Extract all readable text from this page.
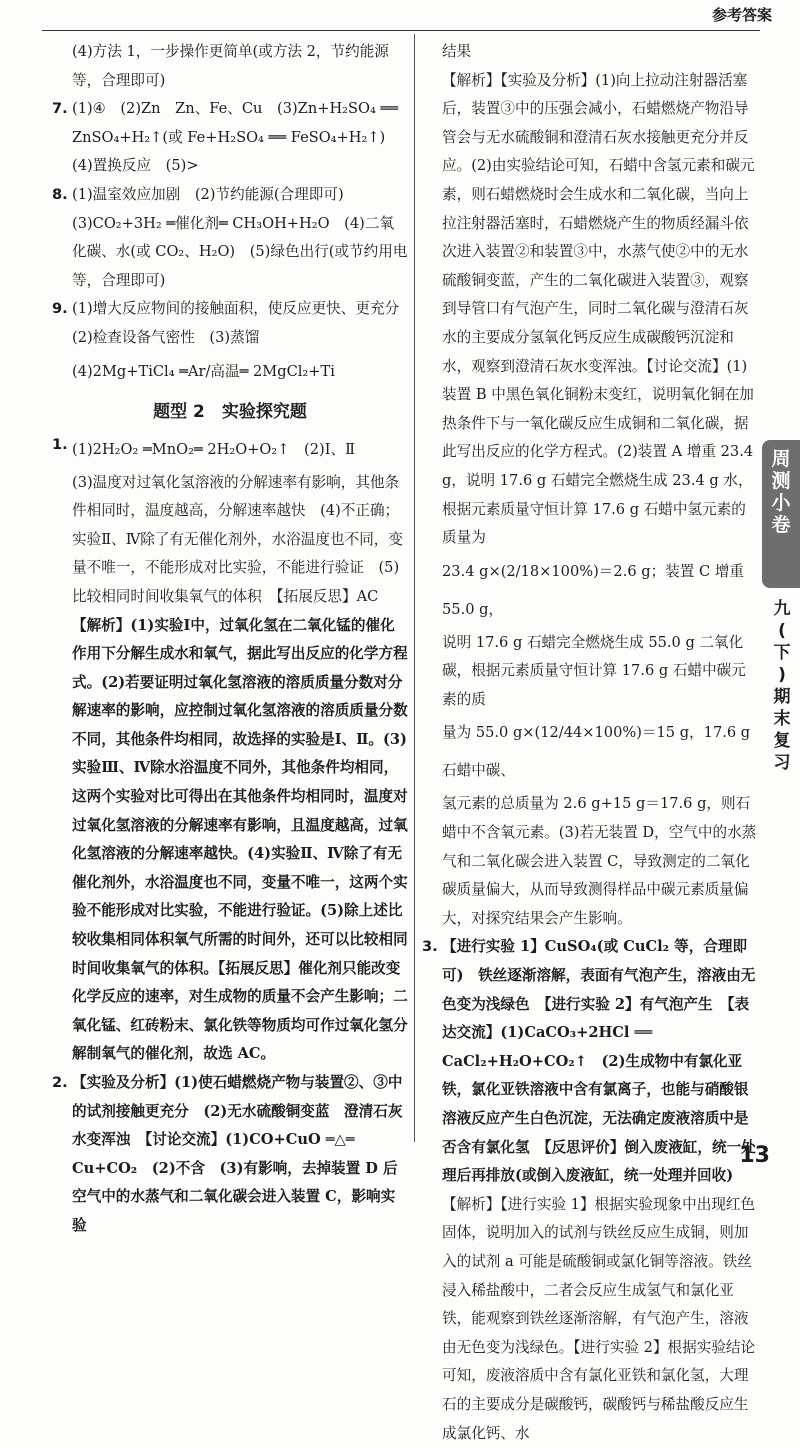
参考答案

(4)方法 1，一步操作更简单(或方法 2，节约能源等，合理即可)

7. (1)④　(2)Zn　Zn、Fe、Cu　(3)Zn+H₂SO₄ ══ ZnSO₄+H₂↑(或 Fe+H₂SO₄ ══ FeSO₄+H₂↑)

(4)置换反应　(5)>

8. (1)温室效应加剧　(2)节约能源(合理即可)

(3)CO₂+3H₂ ═催化剂═ CH₃OH+H₂O　(4)二氧化碳、水(或 CO₂、H₂O)　(5)绿色出行(或节约用电等，合理即可)

9. (1)增大反应物间的接触面积，使反应更快、更充分　(2)检查设备气密性　(3)蒸馏

(4)2Mg+TiCl₄ ═Ar/高温═ 2MgCl₂+Ti

题型 2　实验探究题
1. (1)2H₂O₂ ═MnO₂═ 2H₂O+O₂↑　(2)Ⅰ、Ⅱ

(3)温度对过氧化氢溶液的分解速率有影响，其他条件相同时，温度越高，分解速率越快　(4)不正确；实验Ⅱ、Ⅳ除了有无催化剂外，水浴温度也不同，变量不唯一，不能形成对比实验，不能进行验证　(5)比较相同时间收集氧气的体积　【拓展反思】AC

【解析】(1)实验Ⅰ中，过氧化氢在二氧化锰的催化作用下分解生成水和氧气，据此写出反应的化学方程式。(2)若要证明过氧化氢溶液的溶质质量分数对分解速率的影响，应控制过氧化氢溶液的溶质质量分数不同，其他条件均相同，故选择的实验是Ⅰ、Ⅱ。(3)实验Ⅲ、Ⅳ除水浴温度不同外，其他条件均相同，这两个实验对比可得出在其他条件均相同时，温度对过氧化氢溶液的分解速率有影响，且温度越高，过氧化氢溶液的分解速率越快。(4)实验Ⅱ、Ⅳ除了有无催化剂外，水浴温度也不同，变量不唯一，这两个实验不能形成对比实验，不能进行验证。(5)除上述比较收集相同体积氧气所需的时间外，还可以比较相同时间收集氧气的体积。【拓展反思】催化剂只能改变化学反应的速率，对生成物的质量不会产生影响；二氧化锰、红砖粉末、氯化铁等物质均可作过氧化氢分解制氧气的催化剂，故选 AC。

2. 【实验及分析】(1)使石蜡燃烧产物与装置②、③中的试剂接触更充分　(2)无水硫酸铜变蓝　澄清石灰水变浑浊　【讨论交流】(1)CO+CuO ═△═ Cu+CO₂　(2)不含　(3)有影响，去掉装置 D 后空气中的水蒸气和二氧化碳会进入装置 C，影响实验

结果

【解析】【实验及分析】(1)向上拉动注射器活塞后，装置③中的压强会减小，石蜡燃烧产物沿导管会与无水硫酸铜和澄清石灰水接触更充分并反应。(2)由实验结论可知，石蜡中含氢元素和碳元素，则石蜡燃烧时会生成水和二氧化碳，当向上拉注射器活塞时，石蜡燃烧产生的物质经漏斗依次进入装置②和装置③中，水蒸气使②中的无水硫酸铜变蓝，产生的二氧化碳进入装置③，观察到导管口有气泡产生，同时二氧化碳与澄清石灰水的主要成分氢氧化钙反应生成碳酸钙沉淀和水，观察到澄清石灰水变浑浊。【讨论交流】(1)装置 B 中黑色氧化铜粉末变红，说明氧化铜在加热条件下与一氧化碳反应生成铜和二氧化碳，据此写出反应的化学方程式。(2)装置 A 增重 23.4 g，说明 17.6 g 石蜡完全燃烧生成 23.4 g 水，根据元素质量守恒计算 17.6 g 石蜡中氢元素的质量为

23.4 g×(2/18×100%)＝2.6 g；装置 C 增重 55.0 g，

说明 17.6 g 石蜡完全燃烧生成 55.0 g 二氧化碳，根据元素质量守恒计算 17.6 g 石蜡中碳元素的质

量为 55.0 g×(12/44×100%)＝15 g，17.6 g 石蜡中碳、

氢元素的总质量为 2.6 g+15 g＝17.6 g，则石蜡中不含氧元素。(3)若无装置 D，空气中的水蒸气和二氧化碳会进入装置 C，导致测定的二氧化碳质量偏大，从而导致测得样品中碳元素质量偏大，对探究结果会产生影响。

3. 【进行实验 1】CuSO₄(或 CuCl₂ 等，合理即可)　铁丝逐渐溶解，表面有气泡产生，溶液由无色变为浅绿色　【进行实验 2】有气泡产生　【表达交流】(1)CaCO₃+2HCl ══ CaCl₂+H₂O+CO₂↑　(2)生成物中有氯化亚铁，氯化亚铁溶液中含有氯离子，也能与硝酸银溶液反应产生白色沉淀，无法确定废液溶质中是否含有氯化氢　【反思评价】倒入废液缸，统一处理后再排放(或倒入废液缸，统一处理并回收)

【解析】【进行实验 1】根据实验现象中出现红色固体，说明加入的试剂与铁丝反应生成铜，则加入的试剂 a 可能是硫酸铜或氯化铜等溶液。铁丝浸入稀盐酸中，二者会反应生成氢气和氯化亚铁，能观察到铁丝逐渐溶解，有气泡产生，溶液由无色变为浅绿色。【进行实验 2】根据实验结论可知，废液溶质中含有氯化亚铁和氯化氢，大理石的主要成分是碳酸钙，碳酸钙与稀盐酸反应生成氯化钙、水

周
测
小
卷
九
(
下
)
期
末
复
习
13
